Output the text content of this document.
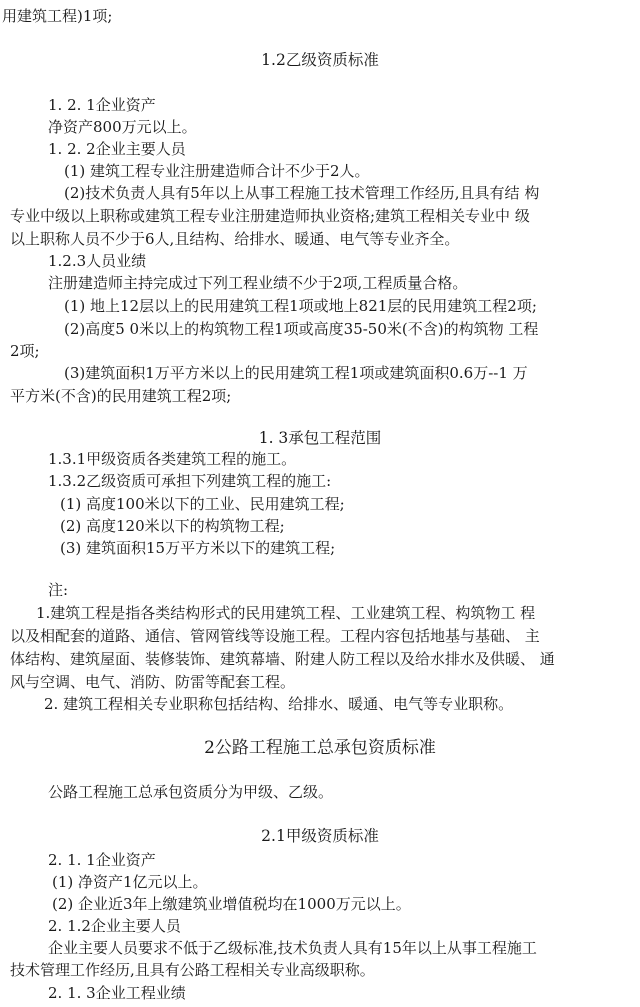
用建筑工程)1项;
1.2乙级资质标准
1. 2. 1企业资产
净资产800万元以上。
1. 2. 2企业主要人员
(1) 建筑工程专业注册建造师合计不少于2人。
(2)技术负责人具有5年以上从事工程施工技术管理工作经历,且具有结 构
专业中级以上职称或建筑工程专业注册建造师执业资格;建筑工程相关专业中 级
以上职称人员不少于6人,且结构、给排水、暖通、电气等专业齐全。
1.2.3人员业绩
注册建造师主持完成过下列工程业绩不少于2项,工程质量合格。
(1) 地上12层以上的民用建筑工程1项或地上821层的民用建筑工程2项;
(2)高度5 0米以上的构筑物工程1项或高度35-50米(不含)的构筑物 工程
2项;
(3)建筑面积1万平方米以上的民用建筑工程1项或建筑面积0.6万--1 万
平方米(不含)的民用建筑工程2项;
1. 3承包工程范围
1.3.1甲级资质各类建筑工程的施工。
1.3.2乙级资质可承担下列建筑工程的施工:
(1) 高度100米以下的工业、民用建筑工程;
(2) 高度120米以下的构筑物工程;
(3) 建筑面积15万平方米以下的建筑工程;
注:
1.建筑工程是指各类结构形式的民用建筑工程、工业建筑工程、构筑物工 程
以及相配套的道路、通信、管网管线等设施工程。工程内容包括地基与基础、 主
体结构、建筑屋面、装修装饰、建筑幕墙、附建人防工程以及给水排水及供暖、 通
风与空调、电气、消防、防雷等配套工程。
2. 建筑工程相关专业职称包括结构、给排水、暖通、电气等专业职称。
2公路工程施工总承包资质标准
公路工程施工总承包资质分为甲级、乙级。
2.1甲级资质标准
2. 1. 1企业资产
(1) 净资产1亿元以上。
(2) 企业近3年上缴建筑业增值税均在1000万元以上。
2. 1.2企业主要人员
企业主要人员要求不低于乙级标准,技术负责人具有15年以上从事工程施工
技术管理工作经历,且具有公路工程相关专业高级职称。
2. 1. 3企业工程业绩
